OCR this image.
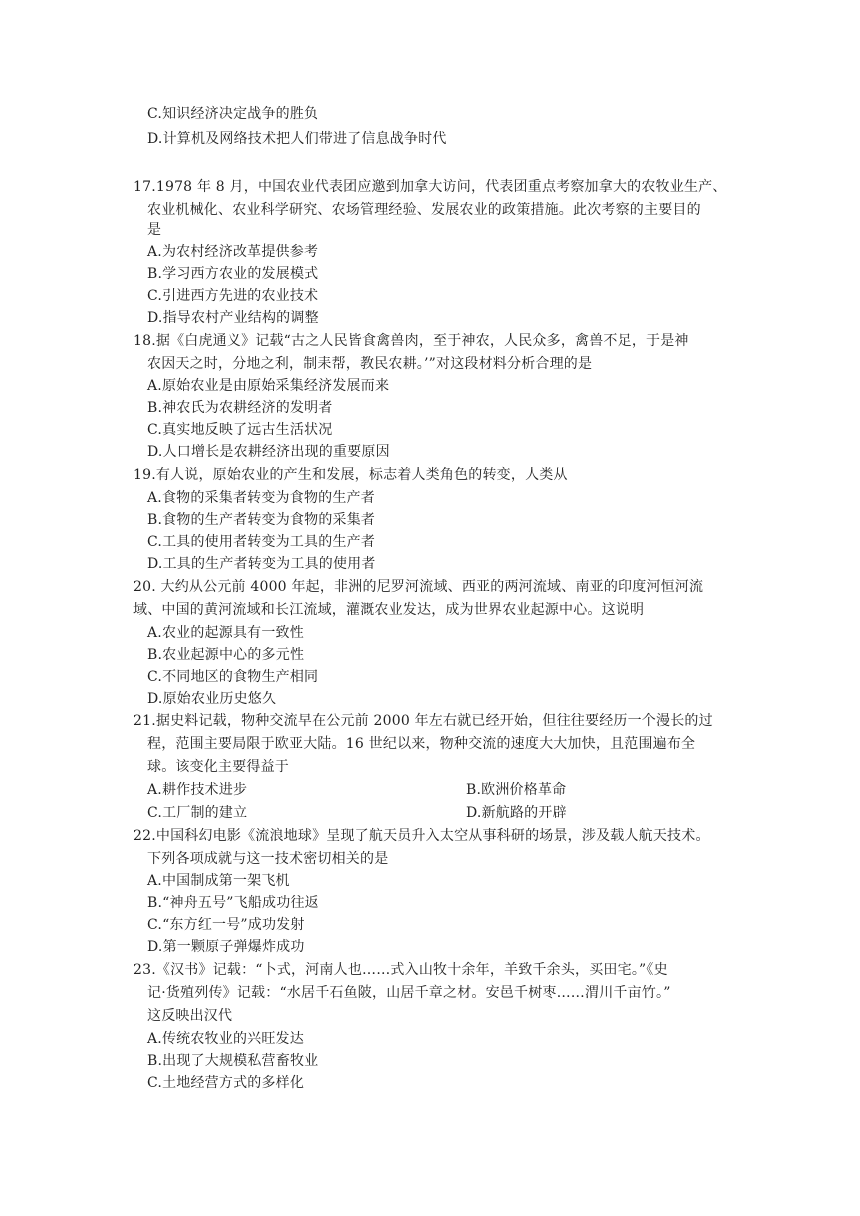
C.知识经济决定战争的胜负
D.计算机及网络技术把人们带进了信息战争时代
17.1978 年 8 月，中国农业代表团应邀到加拿大访问，代表团重点考察加拿大的农牧业生产、
农业机械化、农业科学研究、农场管理经验、发展农业的政策措施。此次考察的主要目的
是
A.为农村经济改革提供参考
B.学习西方农业的发展模式
C.引进西方先进的农业技术
D.指导农村产业结构的调整
18.据《白虎通义》记载“古之人民皆食禽兽肉，至于神农，人民众多，禽兽不足，于是神
农因天之时，分地之利，制耒帮，教民农耕。’”对这段材料分析合理的是
A.原始农业是由原始采集经济发展而来
B.神农氏为农耕经济的发明者
C.真实地反映了远古生活状况
D.人口增长是农耕经济出现的重要原因
19.有人说，原始农业的产生和发展，标志着人类角色的转变，人类从
A.食物的采集者转变为食物的生产者
B.食物的生产者转变为食物的采集者
C.工具的使用者转变为工具的生产者
D.工具的生产者转变为工具的使用者
20. 大约从公元前 4000 年起，非洲的尼罗河流域、西亚的两河流域、南亚的印度河恒河流
域、中国的黄河流域和长江流域，灌溉农业发达，成为世界农业起源中心。这说明
A.农业的起源具有一致性
B.农业起源中心的多元性
C.不同地区的食物生产相同
D.原始农业历史悠久
21.据史料记载，物种交流早在公元前 2000 年左右就已经开始，但往往要经历一个漫长的过
程，范围主要局限于欧亚大陆。16 世纪以来，物种交流的速度大大加快，且范围遍布全
球。该变化主要得益于
A.耕作技术进步	B.欧洲价格革命
C.工厂制的建立	D.新航路的开辟
22.中国科幻电影《流浪地球》呈现了航天员升入太空从事科研的场景，涉及载人航天技术。
下列各项成就与这一技术密切相关的是
A.中国制成第一架飞机
B.“神舟五号”飞船成功往返
C.“东方红一号”成功发射
D.第一颗原子弹爆炸成功
23.《汉书》记载：“卜式，河南人也……式入山牧十余年，羊致千余头，买田宅。”《史
记·货殖列传》记载：“水居千石鱼陂，山居千章之材。安邑千树枣……渭川千亩竹。”
这反映出汉代
A.传统农牧业的兴旺发达
B.出现了大规模私营畜牧业
C.土地经营方式的多样化
